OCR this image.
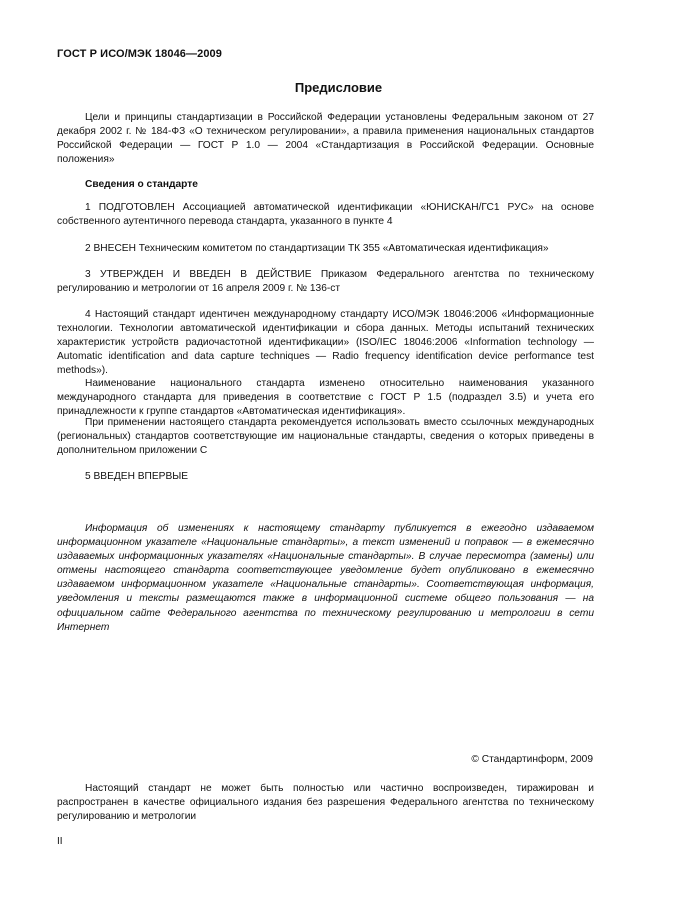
ГОСТ Р ИСО/МЭК 18046—2009
Предисловие

Цели и принципы стандартизации в Российской Федерации установлены Федеральным законом от 27 декабря 2002 г. № 184-ФЗ «О техническом регулировании», а правила применения национальных стандартов Российской Федерации — ГОСТ Р 1.0 — 2004 «Стандартизация в Российской Федерации. Основные положения»

Сведения о стандарте

1 ПОДГОТОВЛЕН Ассоциацией автоматической идентификации «ЮНИСКАН/ГС1 РУС» на основе собственного аутентичного перевода стандарта, указанного в пункте 4

2 ВНЕСЕН Техническим комитетом по стандартизации ТК 355 «Автоматическая идентификация»

3 УТВЕРЖДЕН И ВВЕДЕН В ДЕЙСТВИЕ Приказом Федерального агентства по техническому регулированию и метрологии от 16 апреля 2009 г. № 136-ст

4 Настоящий стандарт идентичен международному стандарту ИСО/МЭК 18046:2006 «Информационные технологии. Технологии автоматической идентификации и сбора данных. Методы испытаний технических характеристик устройств радиочастотной идентификации» (ISO/IEC 18046:2006 «Information technology — Automatic identification and data capture techniques — Radio frequency identification device performance test methods»).

Наименование национального стандарта изменено относительно наименования указанного международного стандарта для приведения в соответствие с ГОСТ Р 1.5 (подраздел 3.5) и учета его принадлежности к группе стандартов «Автоматическая идентификация».

При применении настоящего стандарта рекомендуется использовать вместо ссылочных международных (региональных) стандартов соответствующие им национальные стандарты, сведения о которых приведены в дополнительном приложении С

5 ВВЕДЕН ВПЕРВЫЕ

Информация об изменениях к настоящему стандарту публикуется в ежегодно издаваемом информационном указателе «Национальные стандарты», а текст изменений и поправок — в ежемесячно издаваемых информационных указателях «Национальные стандарты». В случае пересмотра (замены) или отмены настоящего стандарта соответствующее уведомление будет опубликовано в ежемесячно издаваемом информационном указателе «Национальные стандарты». Соответствующая информация, уведомления и тексты размещаются также в информационной системе общего пользования — на официальном сайте Федерального агентства по техническому регулированию и метрологии в сети Интернет

© Стандартинформ, 2009

Настоящий стандарт не может быть полностью или частично воспроизведен, тиражирован и распространен в качестве официального издания без разрешения Федерального агентства по техническому регулированию и метрологии

II
